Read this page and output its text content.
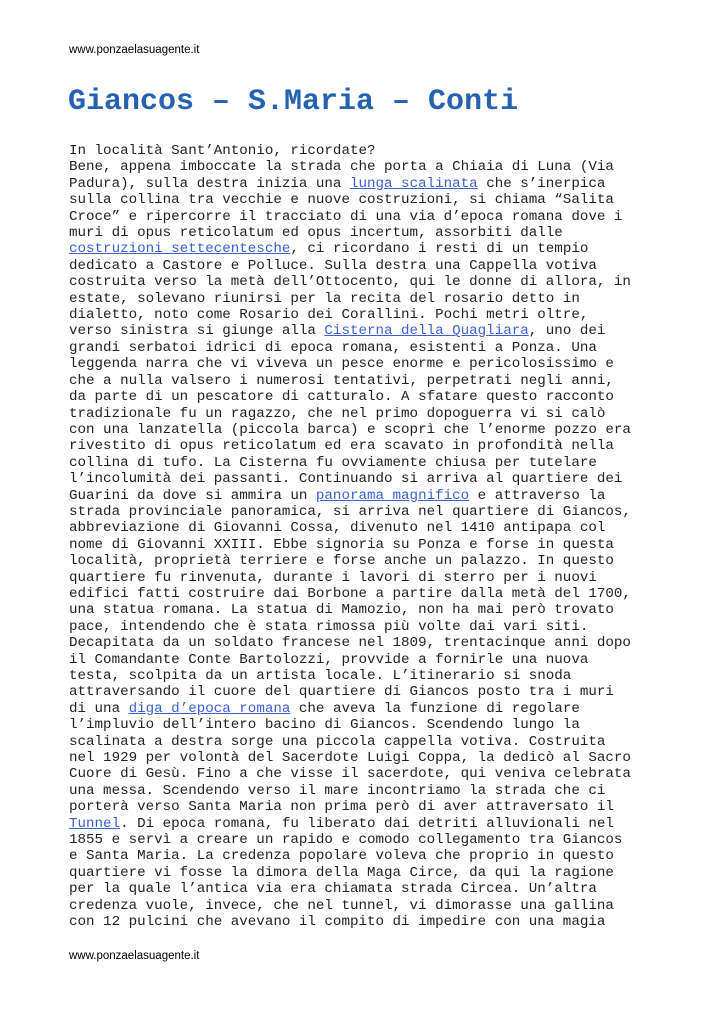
www.ponzaelasuagente.it
Giancos – S.Maria – Conti
In località Sant’Antonio, ricordate?
Bene, appena imboccate la strada che porta a Chiaia di Luna (Via
Padura), sulla destra inizia una lunga scalinata che s’inerpica
sulla collina tra vecchie e nuove costruzioni, si chiama “Salita
Croce” e ripercorre il tracciato di una via d’epoca romana dove i
muri di opus reticolatum ed opus incertum, assorbiti dalle
costruzioni settecentesche, ci ricordano i resti di un tempio
dedicato a Castore e Polluce. Sulla destra una Cappella votiva
costruita verso la metà dell’Ottocento, qui le donne di allora, in
estate, solevano riunirsi per la recita del rosario detto in
dialetto, noto come Rosario dei Corallini. Pochi metri oltre,
verso sinistra si giunge alla Cisterna della Quagliara, uno dei
grandi serbatoi idrici di epoca romana, esistenti a Ponza. Una
leggenda narra che vi viveva un pesce enorme e pericolosissimo e
che a nulla valsero i numerosi tentativi, perpetrati negli anni,
da parte di un pescatore di catturalo. A sfatare questo racconto
tradizionale fu un ragazzo, che nel primo dopoguerra vi si calò
con una lanzatella (piccola barca) e scoprì che l’enorme pozzo era
rivestito di opus reticolatum ed era scavato in profondità nella
collina di tufo. La Cisterna fu ovviamente chiusa per tutelare
l’incolumità dei passanti. Continuando si arriva al quartiere dei
Guarini da dove si ammira un panorama magnifico e attraverso la
strada provinciale panoramica, si arriva nel quartiere di Giancos,
abbreviazione di Giovanni Cossa, divenuto nel 1410 antipapa col
nome di Giovanni XXIII. Ebbe signoria su Ponza e forse in questa
località, proprietà terriere e forse anche un palazzo. In questo
quartiere fu rinvenuta, durante i lavori di sterro per i nuovi
edifici fatti costruire dai Borbone a partire dalla metà del 1700,
una statua romana. La statua di Mamozio, non ha mai però trovato
pace, intendendo che è stata rimossa più volte dai vari siti.
Decapitata da un soldato francese nel 1809, trentacinque anni dopo
il Comandante Conte Bartolozzi, provvide a fornirle una nuova
testa, scolpita da un artista locale. L’itinerario si snoda
attraversando il cuore del quartiere di Giancos posto tra i muri
di una diga d’epoca romana che aveva la funzione di regolare
l’impluvio dell’intero bacino di Giancos. Scendendo lungo la
scalinata a destra sorge una piccola cappella votiva. Costruita
nel 1929 per volontà del Sacerdote Luigi Coppa, la dedicò al Sacro
Cuore di Gesù. Fino a che visse il sacerdote, qui veniva celebrata
una messa. Scendendo verso il mare incontriamo la strada che ci
porterà verso Santa Maria non prima però di aver attraversato il
Tunnel. Di epoca romana, fu liberato dai detriti alluvionali nel
1855 e servì a creare un rapido e comodo collegamento tra Giancos
e Santa Maria. La credenza popolare voleva che proprio in questo
quartiere vi fosse la dimora della Maga Circe, da qui la ragione
per la quale l’antica via era chiamata strada Circea. Un’altra
credenza vuole, invece, che nel tunnel, vi dimorasse una gallina
con 12 pulcini che avevano il compito di impedire con una magia
www.ponzaelasuagente.it
